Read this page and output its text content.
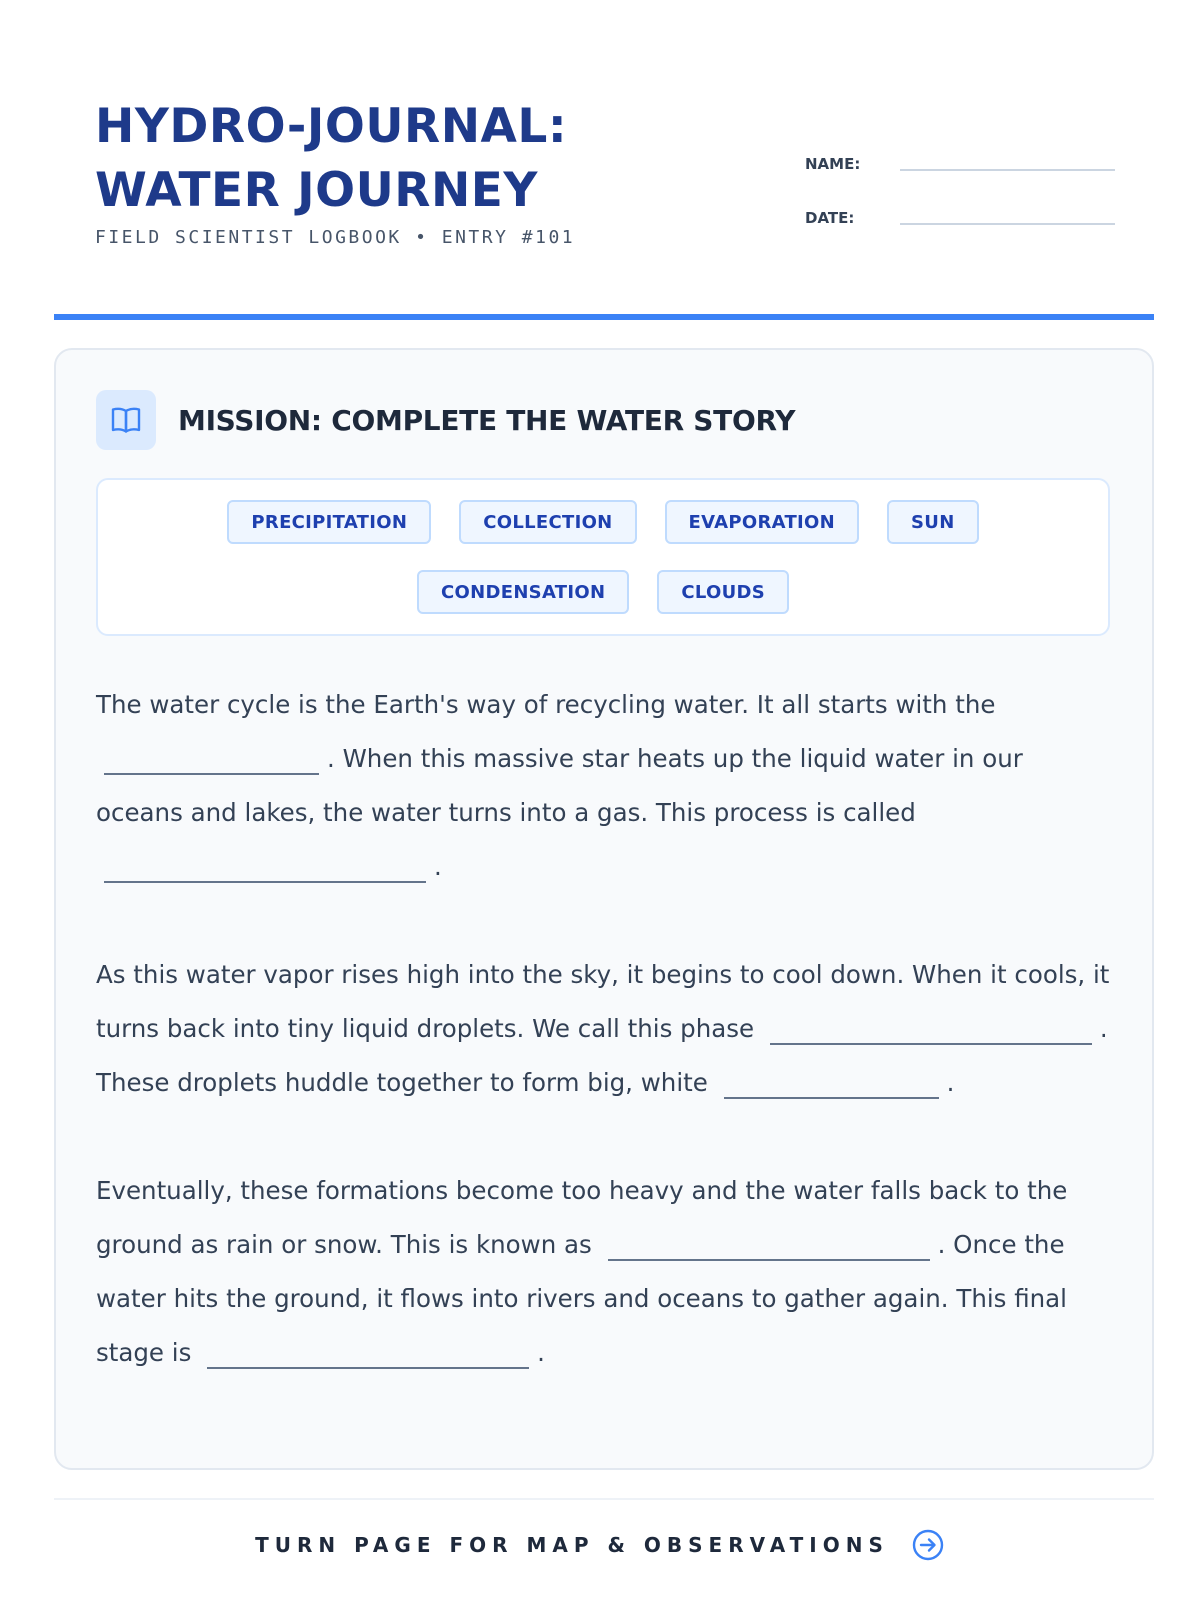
HYDRO-JOURNAL:
WATER JOURNEY
FIELD SCIENTIST LOGBOOK • ENTRY #101
NAME:
DATE:
MISSION: COMPLETE THE WATER STORY
PRECIPITATION	COLLECTION	EVAPORATION	SUN
CONDENSATION	CLOUDS

The water cycle is the Earth's way of recycling water. It all starts with the . When this massive star heats up the liquid water in our oceans and lakes, the water turns into a gas. This process is called .

As this water vapor rises high into the sky, it begins to cool down. When it cools, it turns back into tiny liquid droplets. We call this phase	. These droplets huddle together to form big, white	.

Eventually, these formations become too heavy and the water falls back to the ground as rain or snow. This is known as	. Once the water hits the ground, it flows into rivers and oceans to gather again. This final stage is	.

TURN PAGE FOR MAP & OBSERVATIONS
